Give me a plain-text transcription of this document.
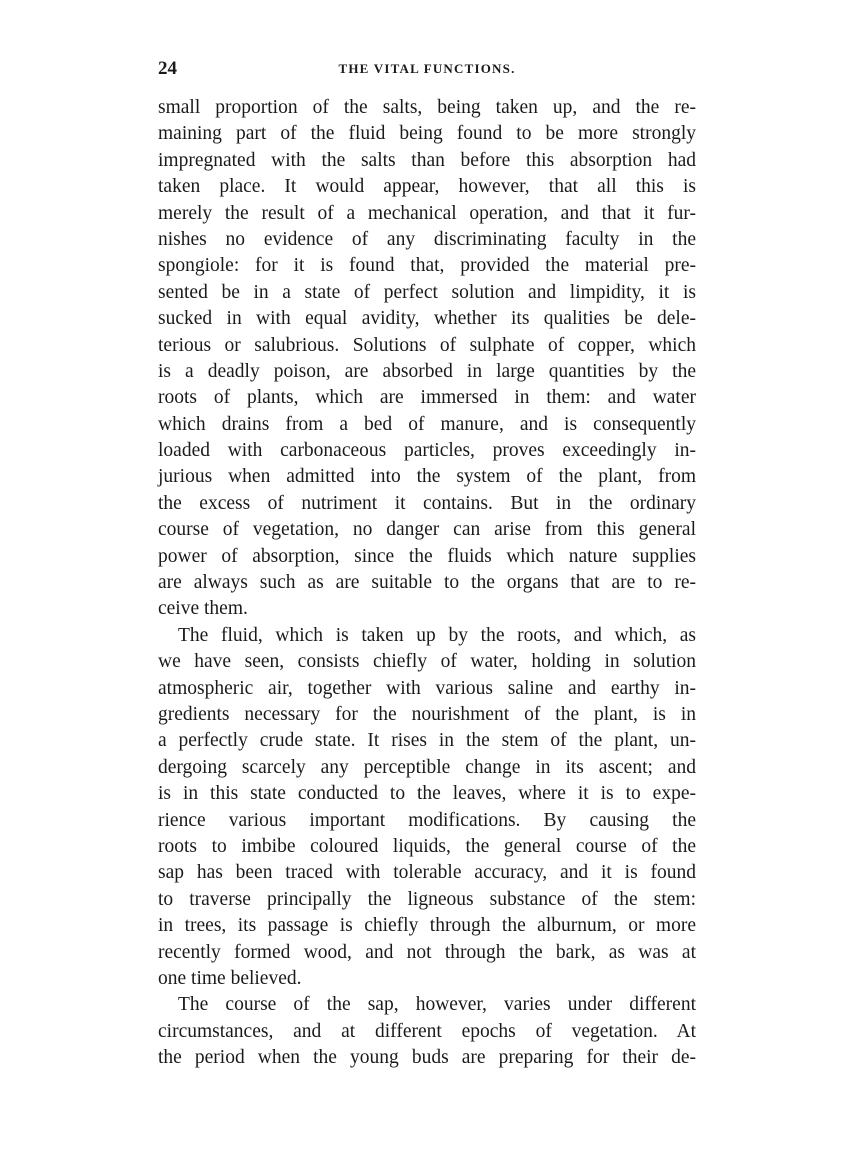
24	THE VITAL FUNCTIONS.
small proportion of the salts, being taken up, and the re-
maining part of the fluid being found to be more strongly
impregnated with the salts than before this absorption had
taken place. It would appear, however, that all this is
merely the result of a mechanical operation, and that it fur-
nishes no evidence of any discriminating faculty in the
spongiole: for it is found that, provided the material pre-
sented be in a state of perfect solution and limpidity, it is
sucked in with equal avidity, whether its qualities be dele-
terious or salubrious. Solutions of sulphate of copper, which
is a deadly poison, are absorbed in large quantities by the
roots of plants, which are immersed in them: and water
which drains from a bed of manure, and is consequently
loaded with carbonaceous particles, proves exceedingly in-
jurious when admitted into the system of the plant, from
the excess of nutriment it contains. But in the ordinary
course of vegetation, no danger can arise from this general
power of absorption, since the fluids which nature supplies
are always such as are suitable to the organs that are to re-
ceive them.
The fluid, which is taken up by the roots, and which, as
we have seen, consists chiefly of water, holding in solution
atmospheric air, together with various saline and earthy in-
gredients necessary for the nourishment of the plant, is in
a perfectly crude state. It rises in the stem of the plant, un-
dergoing scarcely any perceptible change in its ascent; and
is in this state conducted to the leaves, where it is to expe-
rience various important modifications. By causing the
roots to imbibe coloured liquids, the general course of the
sap has been traced with tolerable accuracy, and it is found
to traverse principally the ligneous substance of the stem:
in trees, its passage is chiefly through the alburnum, or more
recently formed wood, and not through the bark, as was at
one time believed.
The course of the sap, however, varies under different
circumstances, and at different epochs of vegetation. At
the period when the young buds are preparing for their de-
